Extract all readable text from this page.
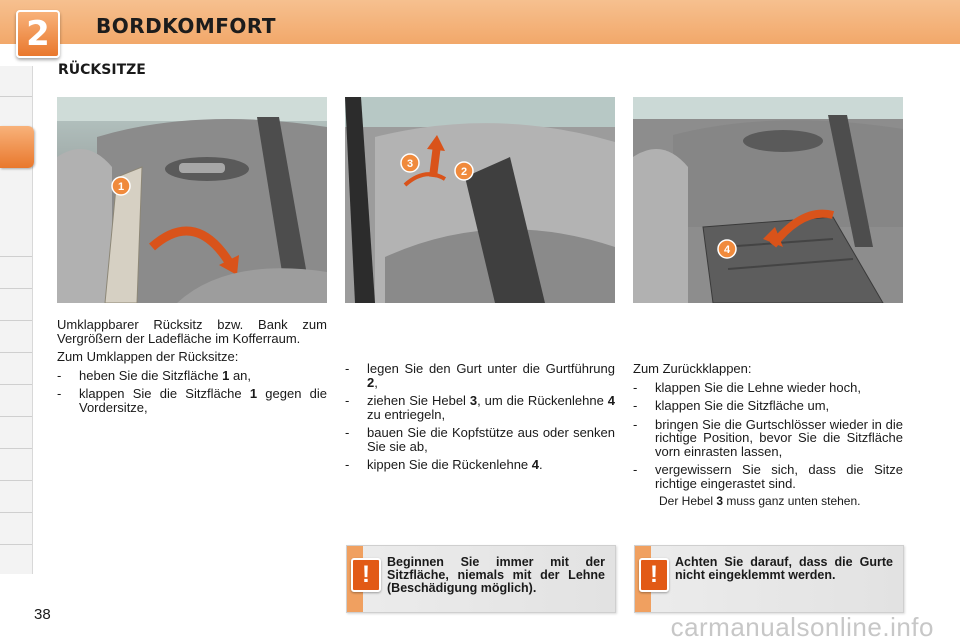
2	BORDKOMFORT
RÜCKSITZE
1
3
2
4

Umklappbarer Rücksitz bzw. Bank zum Vergrößern der Ladefläche im Kofferraum.

Zum Umklappen der Rücksitze:

- heben Sie die Sitzfläche 1 an,
- klappen Sie die Sitzfläche 1 gegen die Vordersitze,
- legen Sie den Gurt unter die Gurtführung 2,
- ziehen Sie Hebel 3, um die Rückenlehne 4 zu entriegeln,
- bauen Sie die Kopfstütze aus oder senken Sie sie ab,
- kippen Sie die Rückenlehne 4.

Zum Zurückklappen:

- klappen Sie die Lehne wieder hoch,
- klappen Sie die Sitzfläche um,
- bringen Sie die Gurtschlösser wieder in die richtige Position, bevor Sie die Sitzfläche vorn einrasten lassen,
- vergewissern Sie sich, dass die Sitze richtige eingerastet sind.
Der Hebel 3 muss ganz unten stehen.
!	Beginnen Sie immer mit der Sitzfläche, niemals mit der Lehne (Beschädigung möglich).	!	Achten Sie darauf, dass die Gurte nicht eingeklemmt werden.
38	carmanualsonline.info
